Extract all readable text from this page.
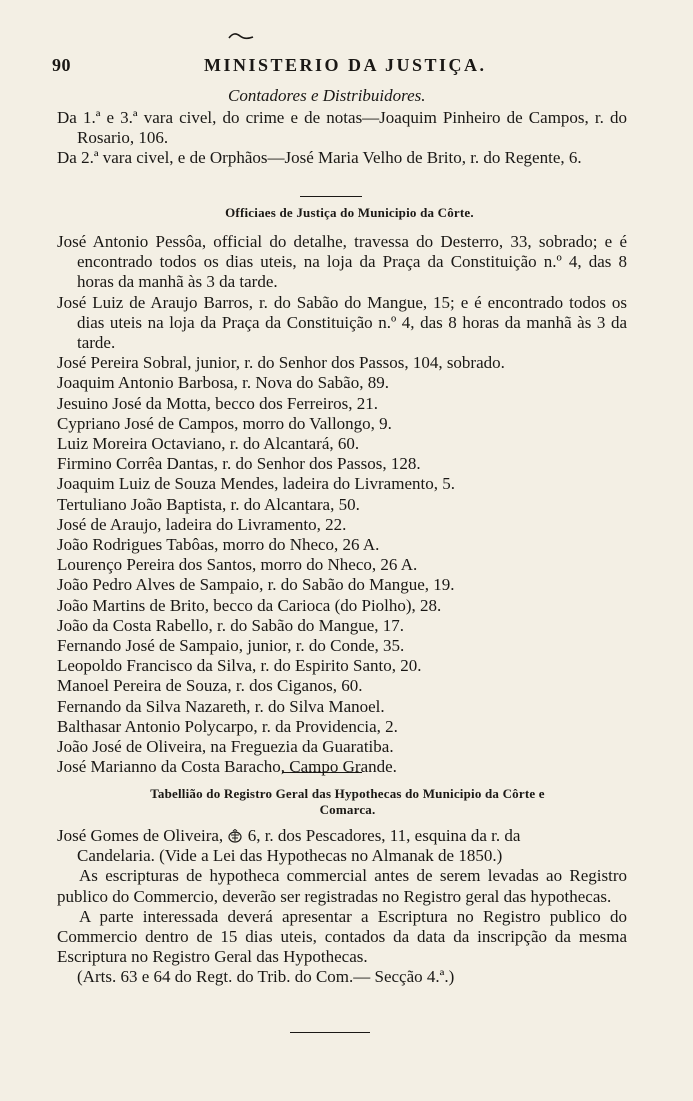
90	MINISTERIO DA JUSTIÇA.
Contadores e Distribuidores.

Da 1.ª e 3.ª vara civel, do crime e de notas—Joaquim Pinheiro de Campos, r. do Rosario, 106.

Da 2.ª vara civel, e de Orphãos—José Maria Velho de Brito, r. do Regente, 6.

Officiaes de Justiça do Municipio da Côrte.

José Antonio Pessôa, official do detalhe, travessa do Desterro, 33, sobrado; e é encontrado todos os dias uteis, na loja da Praça da Constituição n.º 4, das 8 horas da manhã às 3 da tarde.

José Luiz de Araujo Barros, r. do Sabão do Mangue, 15; e é encontrado todos os dias uteis na loja da Praça da Constituição n.º 4, das 8 horas da manhã às 3 da tarde.

José Pereira Sobral, junior, r. do Senhor dos Passos, 104, sobrado.

Joaquim Antonio Barbosa, r. Nova do Sabão, 89.

Jesuino José da Motta, becco dos Ferreiros, 21.

Cypriano José de Campos, morro do Vallongo, 9.

Luiz Moreira Octaviano, r. do Alcantará, 60.

Firmino Corrêa Dantas, r. do Senhor dos Passos, 128.

Joaquim Luiz de Souza Mendes, ladeira do Livramento, 5.

Tertuliano João Baptista, r. do Alcantara, 50.

José de Araujo, ladeira do Livramento, 22.

João Rodrigues Tabôas, morro do Nheco, 26 A.

Lourenço Pereira dos Santos, morro do Nheco, 26 A.

João Pedro Alves de Sampaio, r. do Sabão do Mangue, 19.

João Martins de Brito, becco da Carioca (do Piolho), 28.

João da Costa Rabello, r. do Sabão do Mangue, 17.

Fernando José de Sampaio, junior, r. do Conde, 35.

Leopoldo Francisco da Silva, r. do Espirito Santo, 20.

Manoel Pereira de Souza, r. dos Ciganos, 60.

Fernando da Silva Nazareth, r. do Silva Manoel.

Balthasar Antonio Polycarpo, r. da Providencia, 2.

João José de Oliveira, na Freguezia da Guaratiba.

José Marianno da Costa Baracho, Campo Grande.

Tabellião do Registro Geral das Hypothecas do Municipio da Côrte e
Comarca.

José Gomes de Oliveira, 6, r. dos Pescadores, 11, esquina da r. da

Candelaria. (Vide a Lei das Hypothecas no Almanak de 1850.)

As escripturas de hypotheca commercial antes de serem levadas ao Registro publico do Commercio, deverão ser registradas no Registro geral das hypothecas.

A parte interessada deverá apresentar a Escriptura no Registro publico do Commercio dentro de 15 dias uteis, contados da data da inscripção da mesma Escriptura no Registro Geral das Hypothecas.

(Arts. 63 e 64 do Regt. do Trib. do Com.— Secção 4.ª.)
